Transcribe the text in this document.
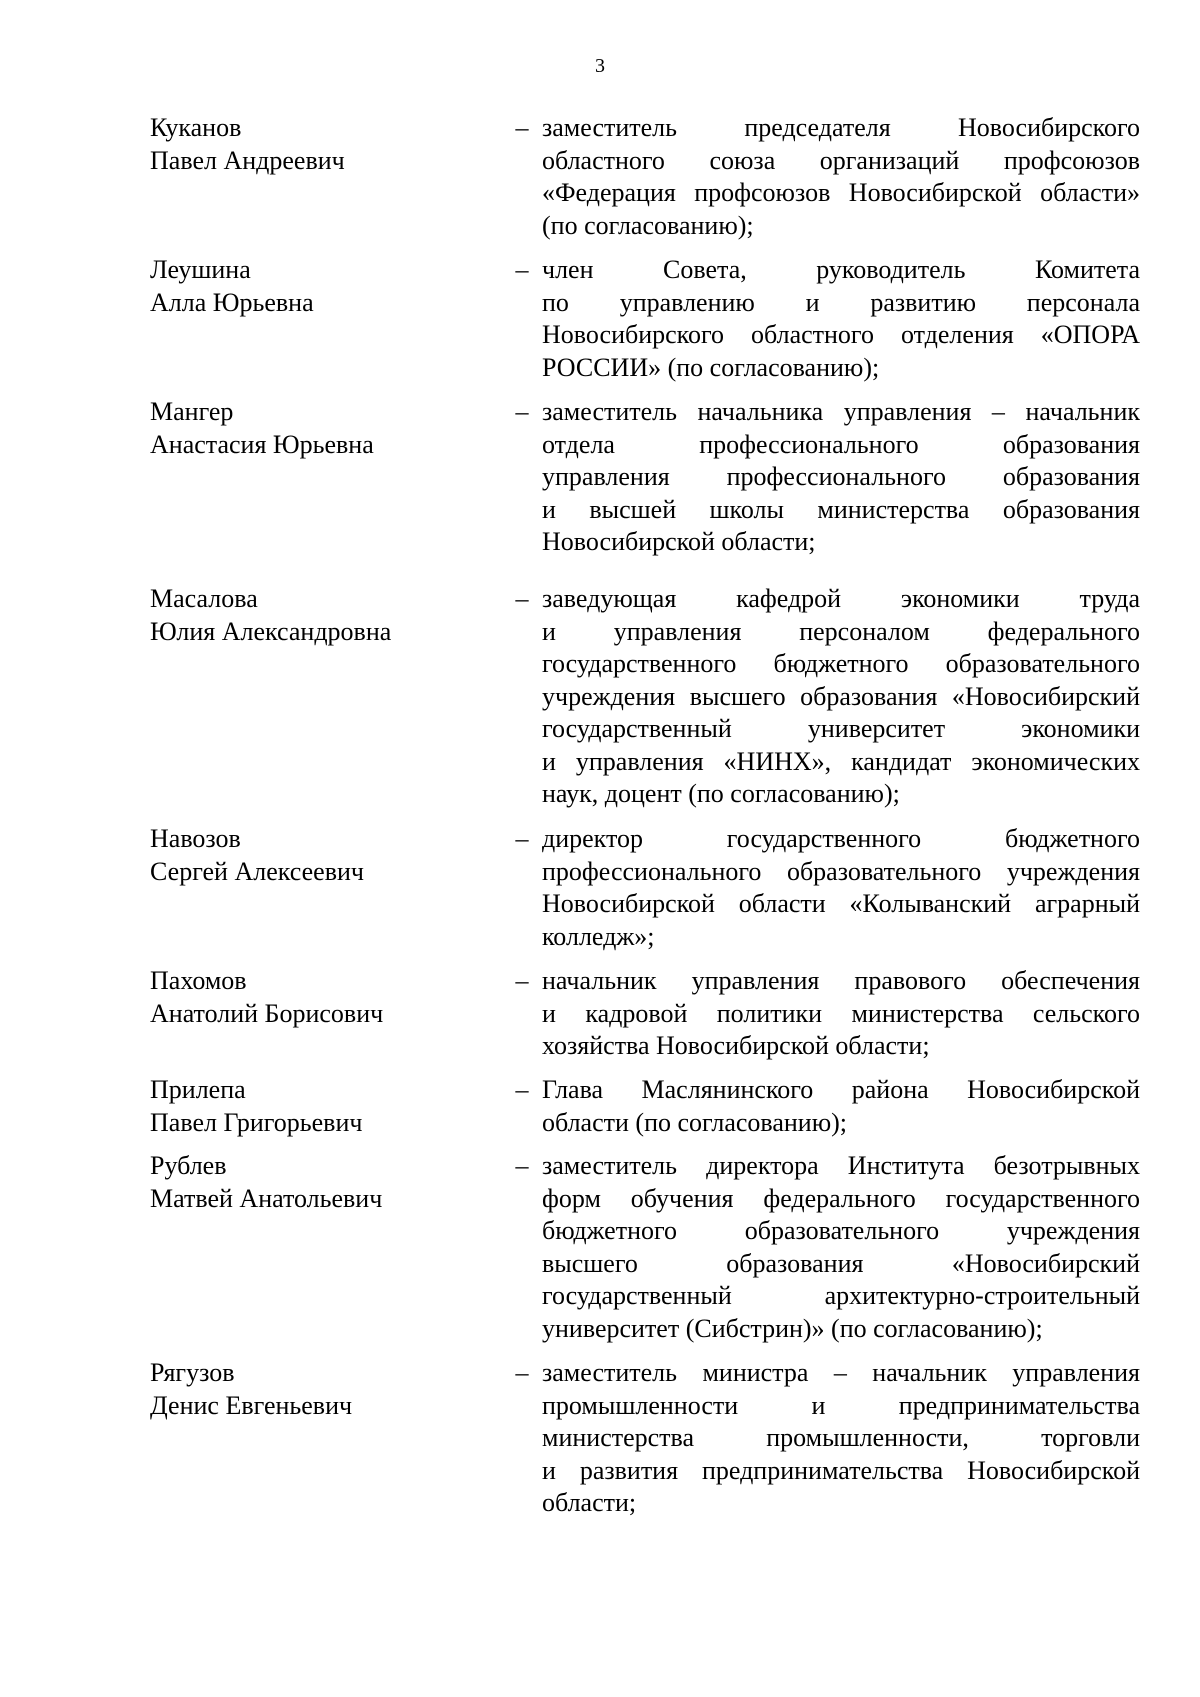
3
Куканов
Павел Андреевич
– заместитель председателя Новосибирского
областного союза организаций профсоюзов
«Федерация профсоюзов Новосибирской области»
(по согласованию);
Леушина
Алла Юрьевна
– член Совета, руководитель Комитета
по управлению и развитию персонала
Новосибирского областного отделения «ОПОРА
РОССИИ» (по согласованию);
Мангер
Анастасия Юрьевна
– заместитель начальника управления – начальник
отдела профессионального образования
управления профессионального образования
и высшей школы министерства образования
Новосибирской области;
Масалова
Юлия Александровна
– заведующая кафедрой экономики труда
и управления персоналом федерального
государственного бюджетного образовательного
учреждения высшего образования «Новосибирский
государственный университет экономики
и управления «НИНХ», кандидат экономических
наук, доцент (по согласованию);
Навозов
Сергей Алексеевич
– директор государственного бюджетного
профессионального образовательного учреждения
Новосибирской области «Колыванский аграрный
колледж»;
Пахомов
Анатолий Борисович
– начальник управления правового обеспечения
и кадровой политики министерства сельского
хозяйства Новосибирской области;
Прилепа
Павел Григорьевич
– Глава Маслянинского района Новосибирской
области (по согласованию);
Рублев
Матвей Анатольевич
– заместитель директора Института безотрывных
форм обучения федерального государственного
бюджетного образовательного учреждения
высшего образования «Новосибирский
государственный архитектурно-строительный
университет (Сибстрин)» (по согласованию);
Рягузов
Денис Евгеньевич
– заместитель министра – начальник управления
промышленности и предпринимательства
министерства промышленности, торговли
и развития предпринимательства Новосибирской
области;
